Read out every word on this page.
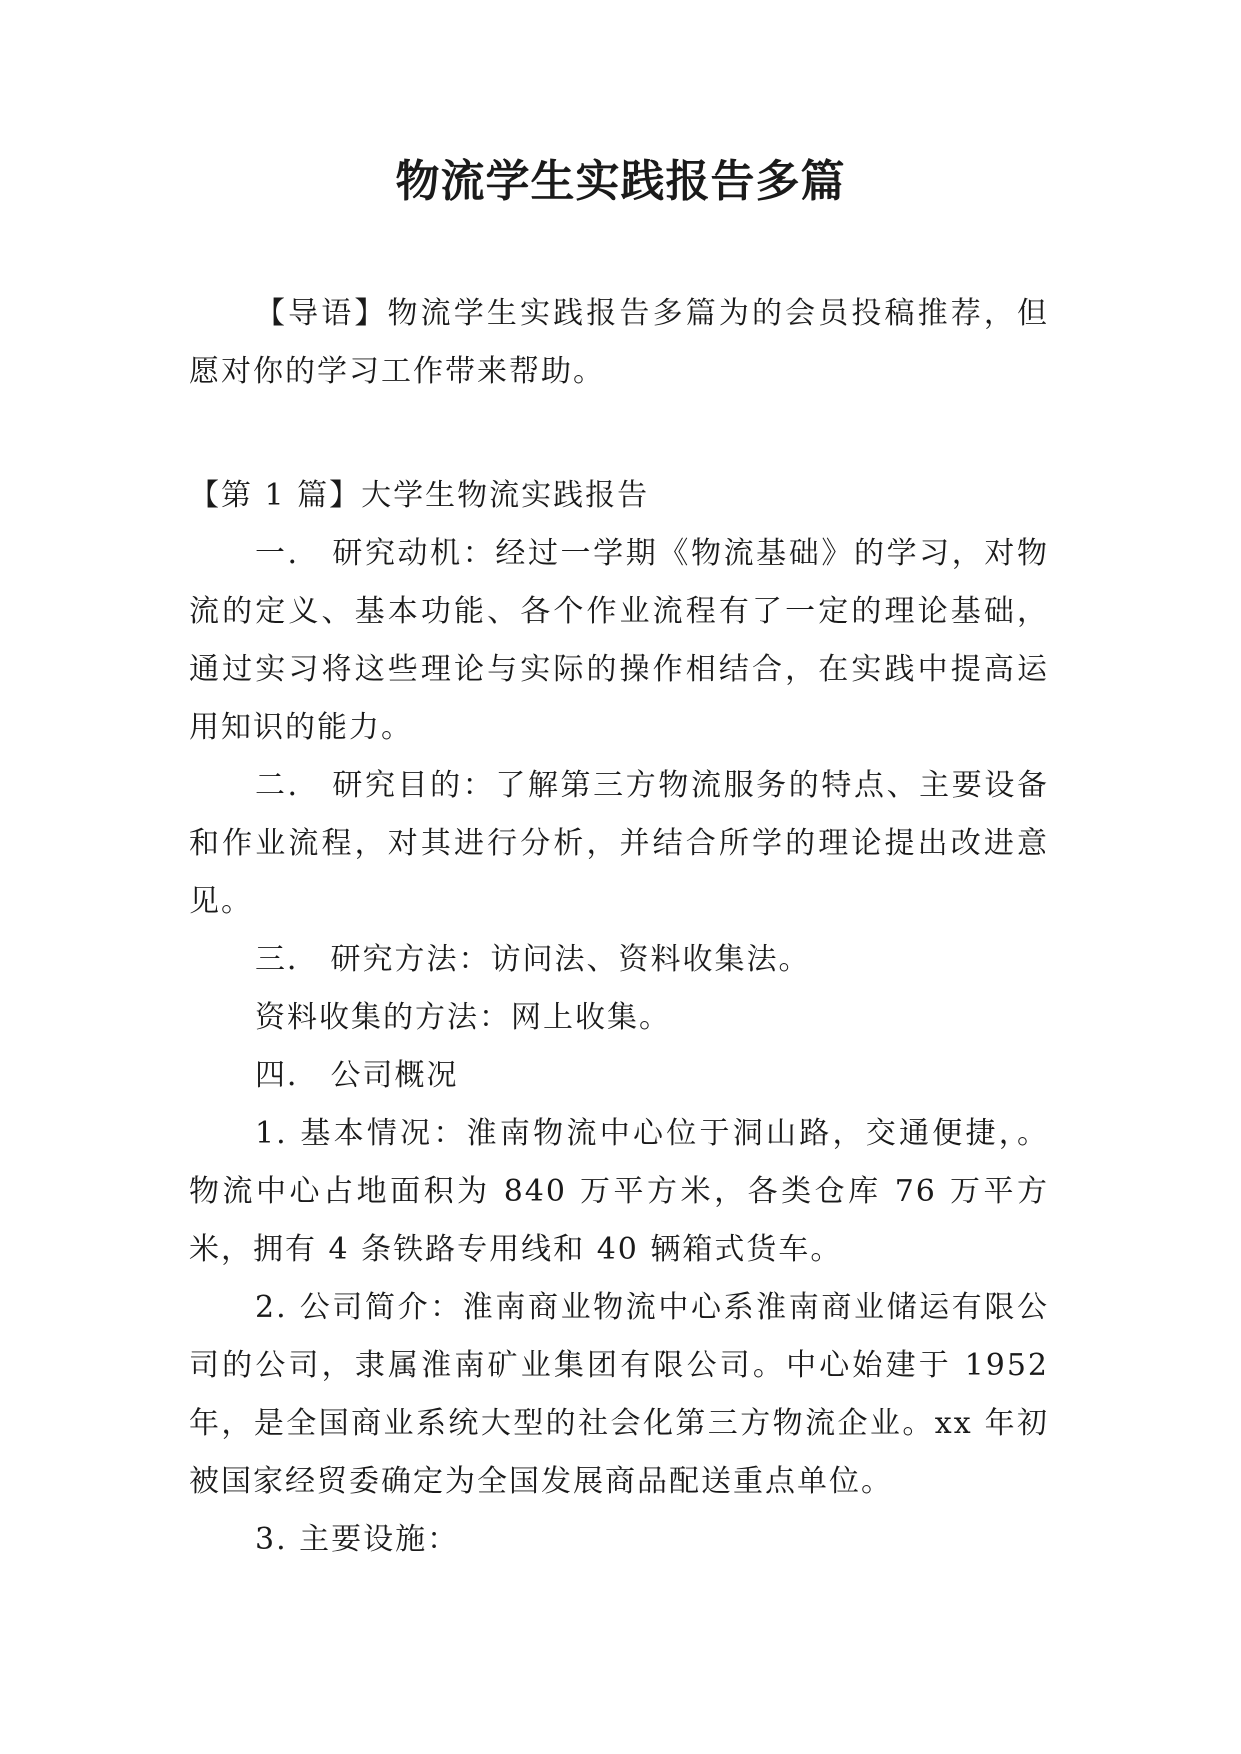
物流学生实践报告多篇

【导语】物流学生实践报告多篇为的会员投稿推荐，但愿对你的学习工作带来帮助。

【第 1 篇】大学生物流实践报告

一． 研究动机：经过一学期《物流基础》的学习，对物流的定义、基本功能、各个作业流程有了一定的理论基础，通过实习将这些理论与实际的操作相结合，在实践中提高运用知识的能力。

二． 研究目的：了解第三方物流服务的特点、主要设备和作业流程，对其进行分析，并结合所学的理论提出改进意见。

三． 研究方法：访问法、资料收集法。

资料收集的方法：网上收集。

四． 公司概况

1. 基本情况：淮南物流中心位于洞山路，交通便捷，。物流中心占地面积为 840 万平方米，各类仓库 76 万平方米，拥有 4 条铁路专用线和 40 辆箱式货车。

2. 公司简介：淮南商业物流中心系淮南商业储运有限公司的公司，隶属淮南矿业集团有限公司。中心始建于 1952 年，是全国商业系统大型的社会化第三方物流企业。xx 年初被国家经贸委确定为全国发展商品配送重点单位。

3. 主要设施：
